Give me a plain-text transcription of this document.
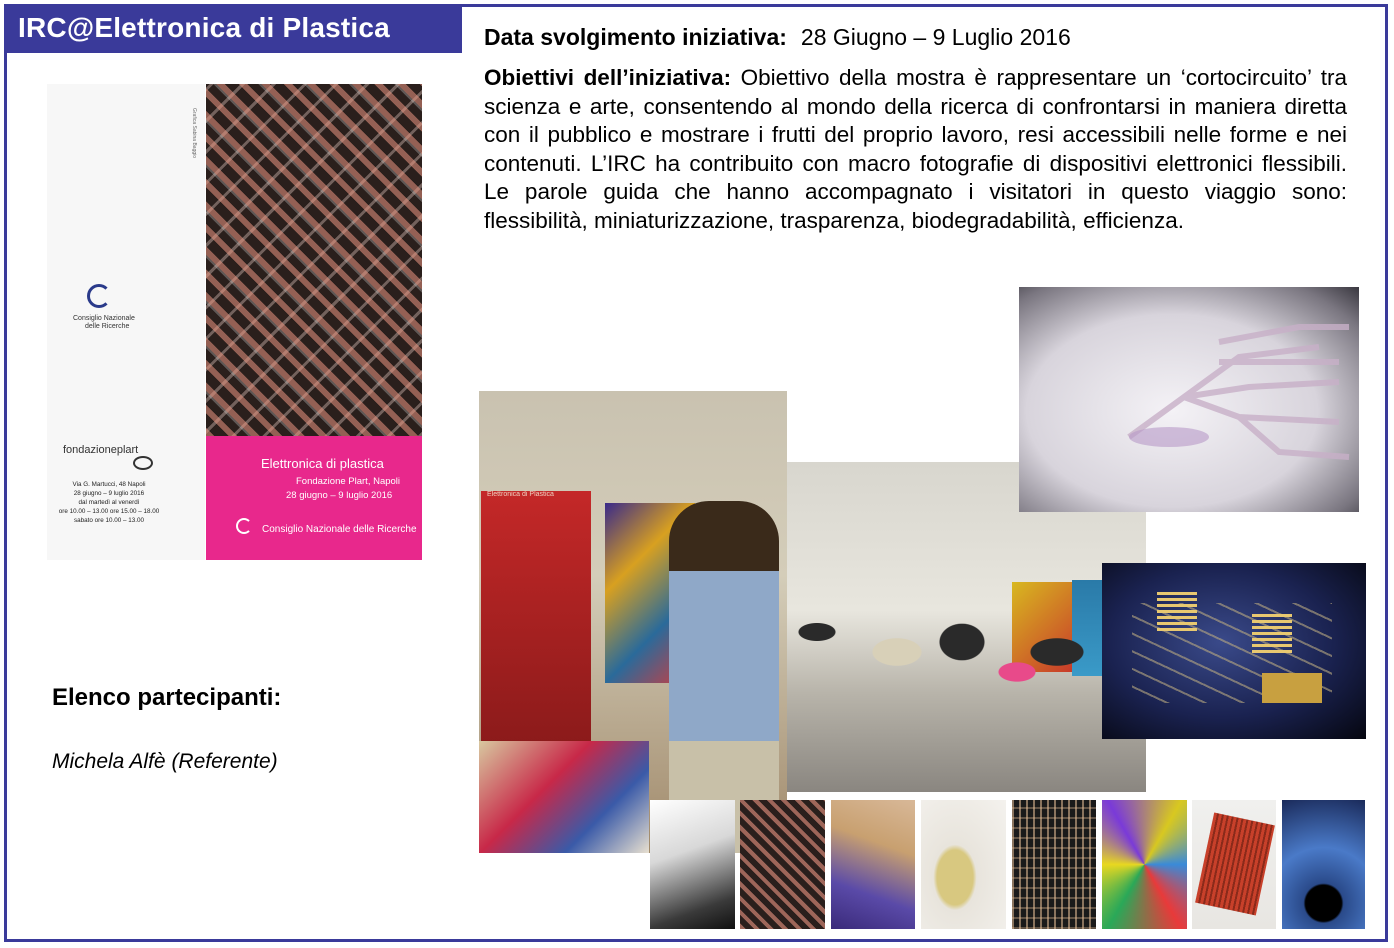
IRC@Elettronica di Plastica	Data svolgimento iniziativa: 28 Giugno – 9 Luglio 2016
Obiettivi dell’iniziativa: Obiettivo della mostra è rappresentare un ‘cortocircuito’ tra scienza e arte, consentendo al mondo della ricerca di confrontarsi in maniera diretta con il pubblico e mostrare i frutti del proprio lavoro, resi accessibili nelle forme e nei contenuti. L’IRC ha contribuito con macro fotografie di dispositivi elettronici flessibili. Le parole guida che hanno accompagnato i visitatori in questo viaggio sono: flessibilità, miniaturizzazione, trasparenza, biodegradabilità, efficienza.
Grafica Sabina Baggio
Consiglio Nazionale
delle Ricerche
fondazioneplart
Via G. Martucci, 48 Napoli
28 giugno – 9 luglio 2016
dal martedì al venerdì
ore 10.00 – 13.00 ore 15.00 – 18.00
sabato ore 10.00 – 13.00
Elettronica di plastica
Fondazione Plart, Napoli
28 giugno – 9 luglio 2016
Consiglio Nazionale delle Ricerche
Elenco partecipanti:
Michela Alfè (Referente)
Elettronica di Plastica
